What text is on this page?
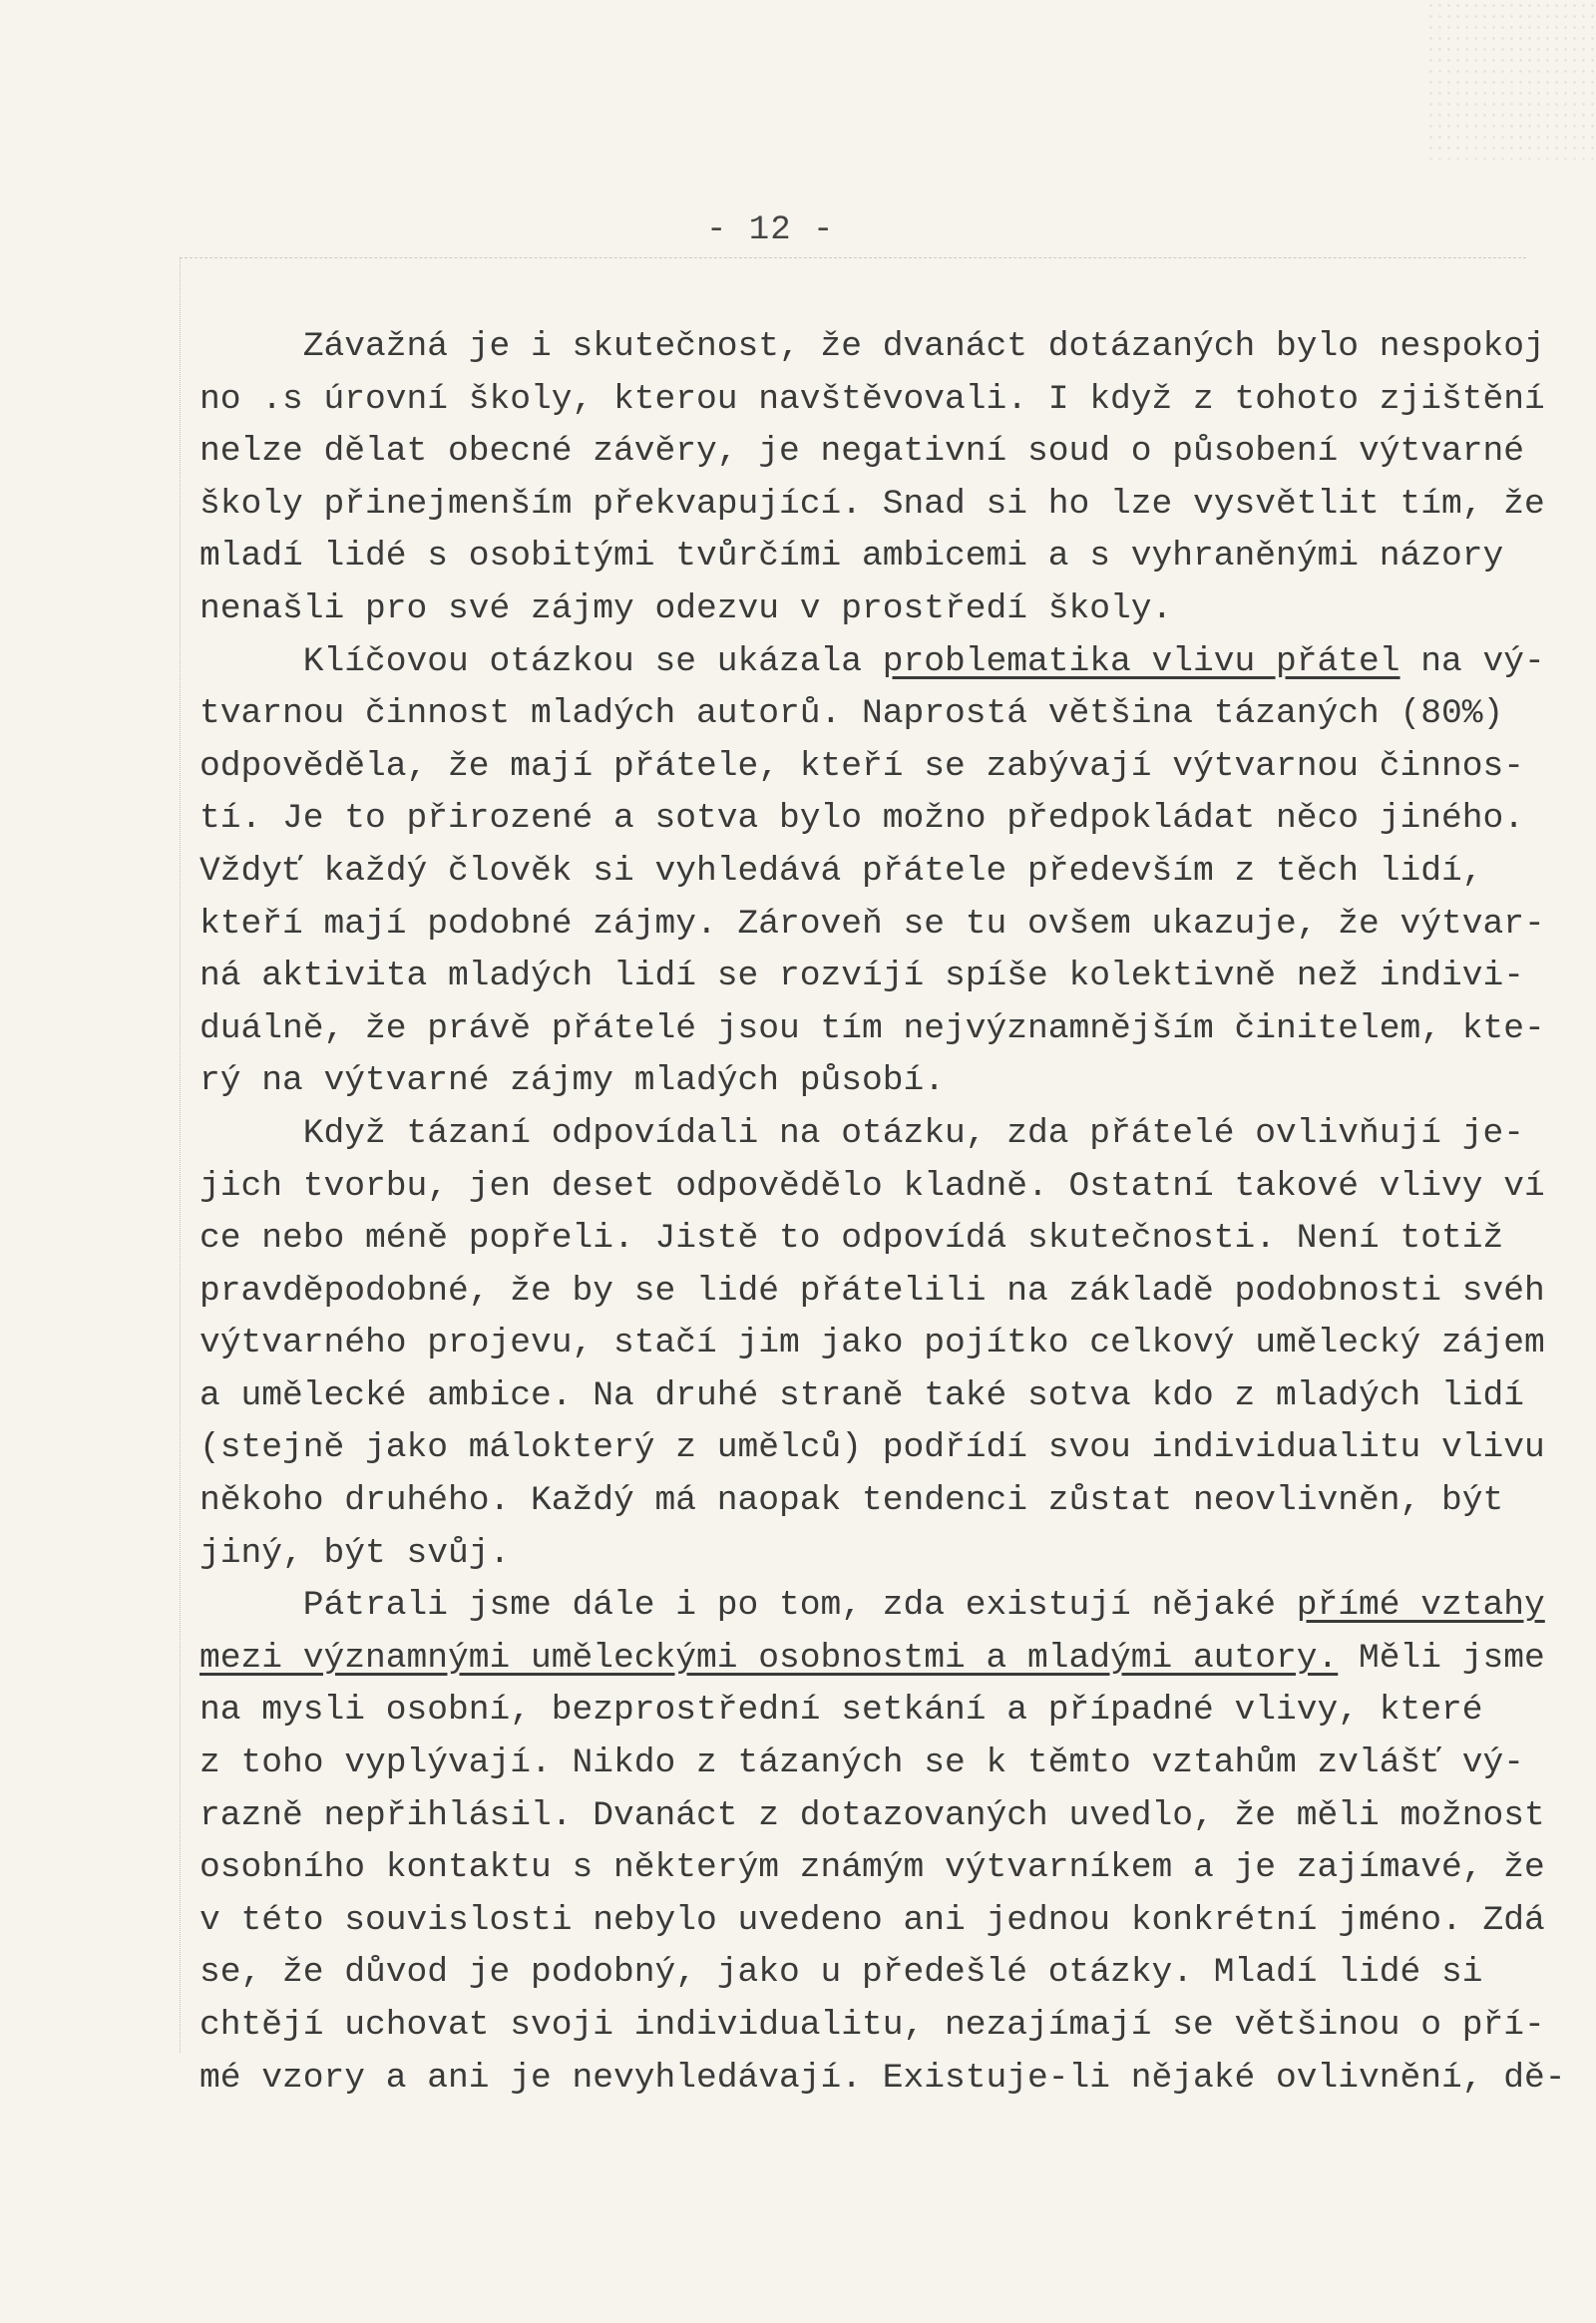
- 12 -
Závažná je i skutečnost, že dvanáct dotázaných bylo nespokoj
no .s úrovní školy, kterou navštěvovali. I když z tohoto zjištění
nelze dělat obecné závěry, je negativní soud o působení výtvarné
školy přinejmenším překvapující. Snad si ho lze vysvětlit tím, že
mladí lidé s osobitými tvůrčími ambicemi a s vyhraněnými názory
nenašli pro své zájmy odezvu v prostředí školy.
Klíčovou otázkou se ukázala problematika vlivu přátel na vý-
tvarnou činnost mladých autorů. Naprostá většina tázaných (80%)
odpověděla, že mají přátele, kteří se zabývají výtvarnou činnos-
tí. Je to přirozené a sotva bylo možno předpokládat něco jiného.
Vždyť každý člověk si vyhledává přátele především z těch lidí,
kteří mají podobné zájmy. Zároveň se tu ovšem ukazuje, že výtvar-
ná aktivita mladých lidí se rozvíjí spíše kolektivně než indivi-
duálně, že právě přátelé jsou tím nejvýznamnějším činitelem, kte-
rý na výtvarné zájmy mladých působí.
Když tázaní odpovídali na otázku, zda přátelé ovlivňují je-
jich tvorbu, jen deset odpovědělo kladně. Ostatní takové vlivy ví
ce nebo méně popřeli. Jistě to odpovídá skutečnosti. Není totiž
pravděpodobné, že by se lidé přátelili na základě podobnosti svéh
výtvarného projevu, stačí jim jako pojítko celkový umělecký zájem
a umělecké ambice. Na druhé straně také sotva kdo z mladých lidí
(stejně jako málokterý z umělců) podřídí svou individualitu vlivu
někoho druhého. Každý má naopak tendenci zůstat neovlivněn, být
jiný, být svůj.
Pátrali jsme dále i po tom, zda existují nějaké přímé vztahy
mezi významnými uměleckými osobnostmi a mladými autory. Měli jsme
na mysli osobní, bezprostřední setkání a případné vlivy, které
z toho vyplývají. Nikdo z tázaných se k těmto vztahům zvlášť vý-
razně nepřihlásil. Dvanáct z dotazovaných uvedlo, že měli možnost
osobního kontaktu s některým známým výtvarníkem a je zajímavé, že
v této souvislosti nebylo uvedeno ani jednou konkrétní jméno. Zdá
se, že důvod je podobný, jako u předešlé otázky. Mladí lidé si
chtějí uchovat svoji individualitu, nezajímají se většinou o pří-
mé vzory a ani je nevyhledávají. Existuje-li nějaké ovlivnění, dě-
